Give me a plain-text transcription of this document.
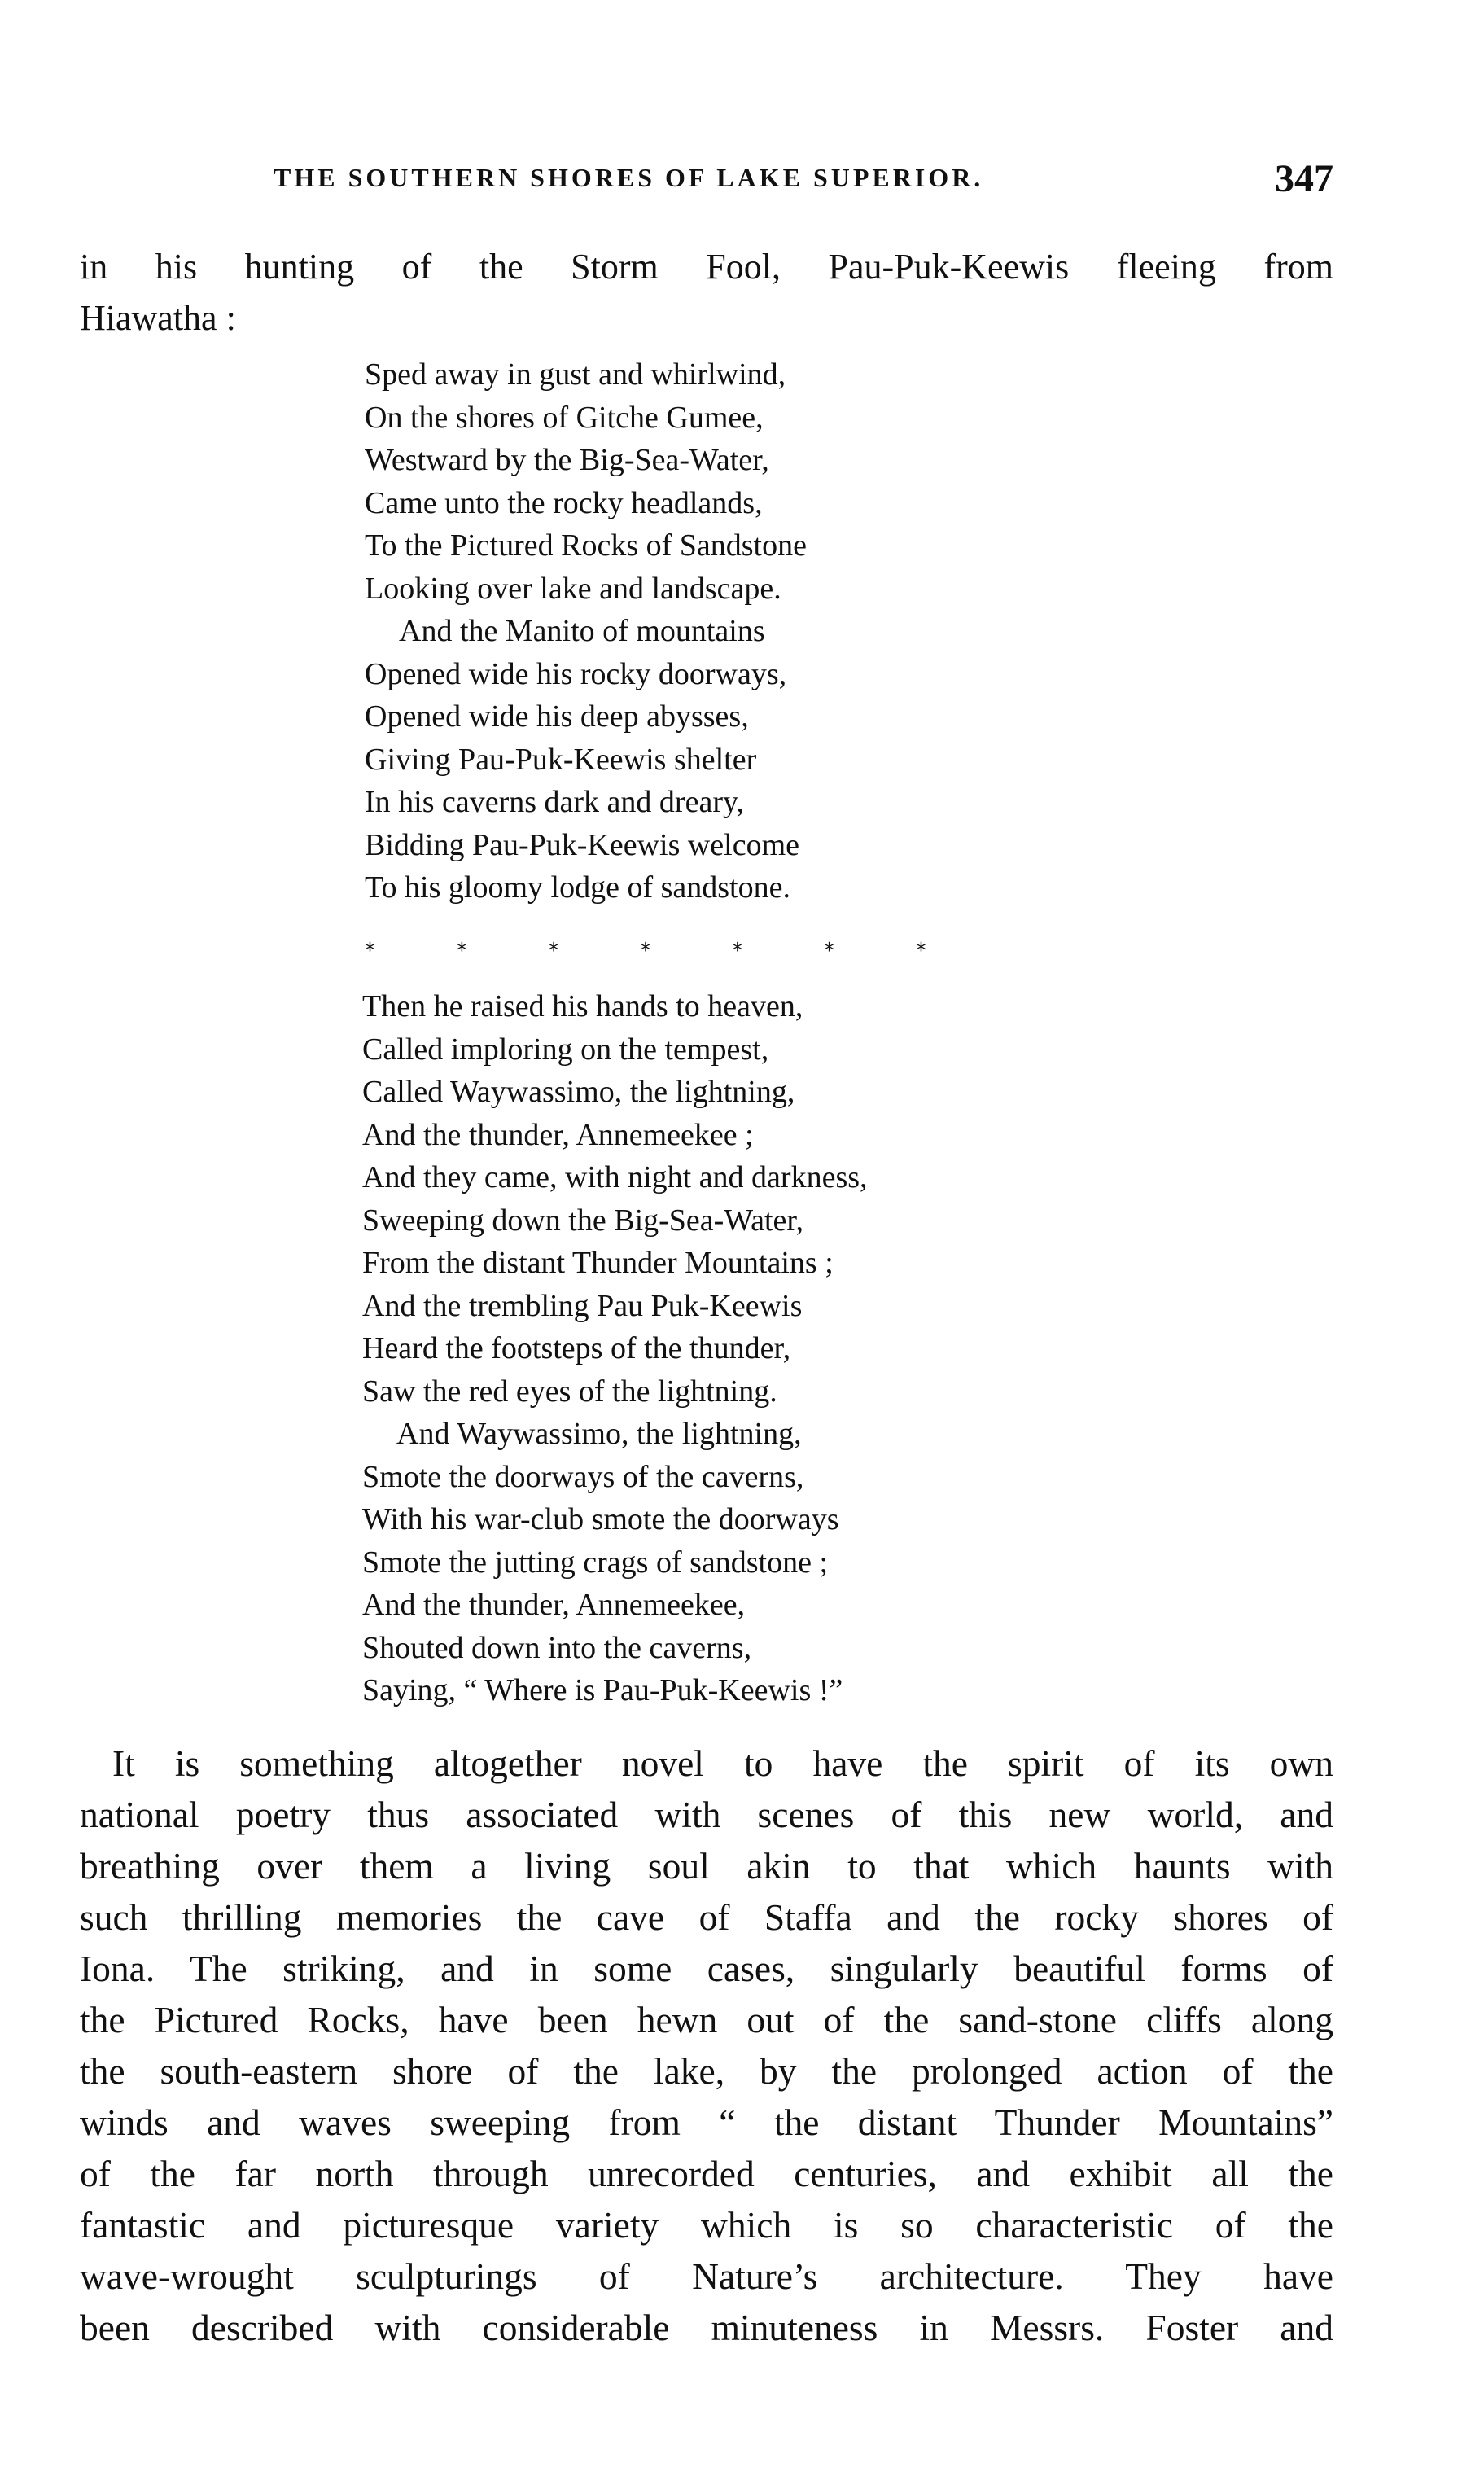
THE SOUTHERN SHORES OF LAKE SUPERIOR.	347
in his hunting of the Storm Fool, Pau-Puk-Keewis fleeing from
Hiawatha :
Sped away in gust and whirlwind,
On the shores of Gitche Gumee,
Westward by the Big-Sea-Water,
Came unto the rocky headlands,
To the Pictured Rocks of Sandstone
Looking over lake and landscape.
And the Manito of mountains
Opened wide his rocky doorways,
Opened wide his deep abysses,
Giving Pau-Puk-Keewis shelter
In his caverns dark and dreary,
Bidding Pau-Puk-Keewis welcome
To his gloomy lodge of sandstone.
*	*	*	*	*	*	*
Then he raised his hands to heaven,
Called imploring on the tempest,
Called Waywassimo, the lightning,
And the thunder, Annemeekee ;
And they came, with night and darkness,
Sweeping down the Big-Sea-Water,
From the distant Thunder Mountains ;
And the trembling Pau Puk-Keewis
Heard the footsteps of the thunder,
Saw the red eyes of the lightning.
And Waywassimo, the lightning,
Smote the doorways of the caverns,
With his war-club smote the doorways
Smote the jutting crags of sandstone ;
And the thunder, Annemeekee,
Shouted down into the caverns,
Saying, “ Where is Pau-Puk-Keewis !”
It is something altogether novel to have the spirit of its own
national poetry thus associated with scenes of this new world, and
breathing over them a living soul akin to that which haunts with
such thrilling memories the cave of Staffa and the rocky shores of
Iona. The striking, and in some cases, singularly beautiful forms of
the Pictured Rocks, have been hewn out of the sand-stone cliffs along
the south-eastern shore of the lake, by the prolonged action of the
winds and waves sweeping from “ the distant Thunder Mountains”
of the far north through unrecorded centuries, and exhibit all the
fantastic and picturesque variety which is so characteristic of the
wave-wrought sculpturings of Nature’s architecture. They have
been described with considerable minuteness in Messrs. Foster and
